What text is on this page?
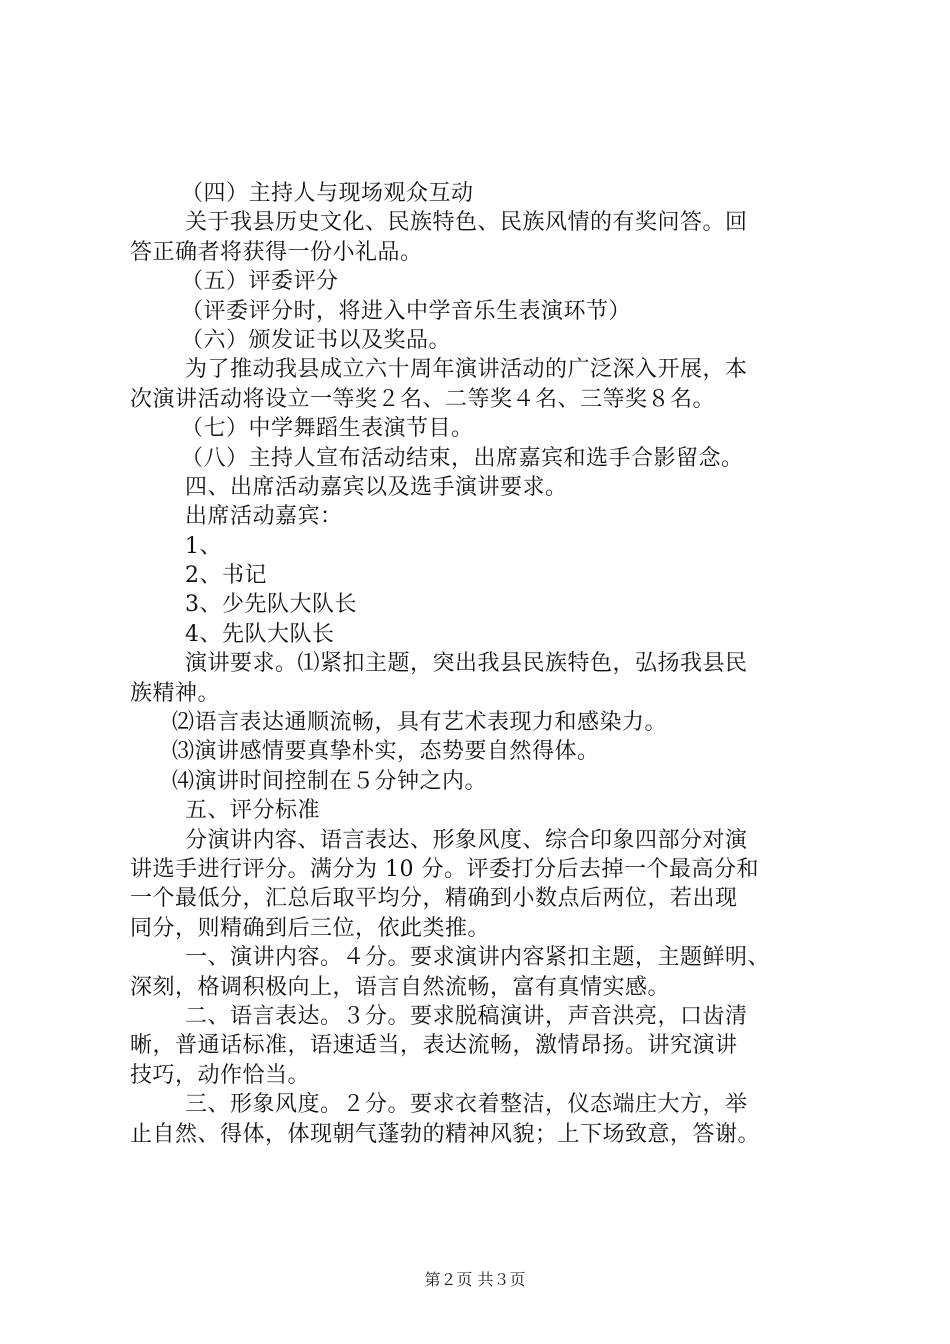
（四）主持人与现场观众互动
关于我县历史文化、民族特色、民族风情的有奖问答。回
答正确者将获得一份小礼品。
（五）评委评分
（评委评分时，将进入中学音乐生表演环节）
（六）颁发证书以及奖品。
为了推动我县成立六十周年演讲活动的广泛深入开展，本
次演讲活动将设立一等奖２名、二等奖４名、三等奖８名。
（七）中学舞蹈生表演节目。
（八）主持人宣布活动结束，出席嘉宾和选手合影留念。
四、出席活动嘉宾以及选手演讲要求。
出席活动嘉宾：
1、
2、书记
3、少先队大队长
4、先队大队长
演讲要求。⑴紧扣主题，突出我县民族特色，弘扬我县民
族精神。
⑵语言表达通顺流畅，具有艺术表现力和感染力。
⑶演讲感情要真挚朴实，态势要自然得体。
⑷演讲时间控制在５分钟之内。
五、评分标准
分演讲内容、语言表达、形象风度、综合印象四部分对演
讲选手进行评分。满分为 10 分。评委打分后去掉一个最高分和
一个最低分，汇总后取平均分，精确到小数点后两位，若出现
同分，则精确到后三位，依此类推。
一、演讲内容。４分。要求演讲内容紧扣主题，主题鲜明、
深刻，格调积极向上，语言自然流畅，富有真情实感。
二、语言表达。３分。要求脱稿演讲，声音洪亮，口齿清
晰，普通话标准，语速适当，表达流畅，激情昂扬。讲究演讲
技巧，动作恰当。
三、形象风度。２分。要求衣着整洁，仪态端庄大方，举
止自然、得体，体现朝气蓬勃的精神风貌；上下场致意，答谢。
第２页 共３页
